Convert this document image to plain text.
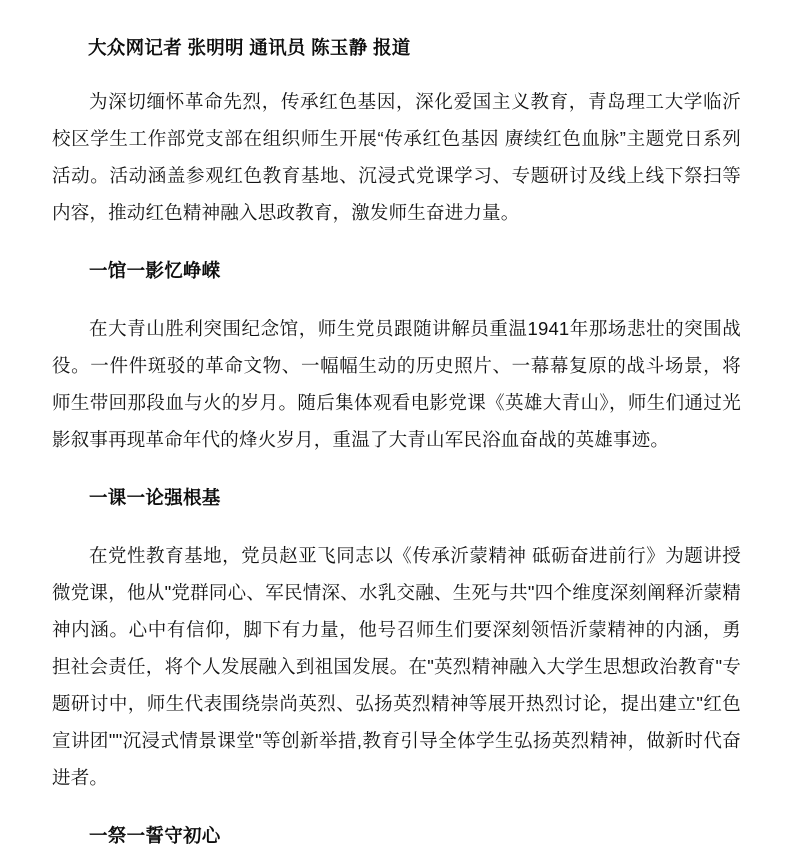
大众网记者 张明明 通讯员 陈玉静 报道

为深切缅怀革命先烈，传承红色基因，深化爱国主义教育，青岛理工大学临沂校区学生工作部党支部在组织师生开展“传承红色基因 赓续红色血脉”主题党日系列活动。活动涵盖参观红色教育基地、沉浸式党课学习、专题研讨及线上线下祭扫等内容，推动红色精神融入思政教育，激发师生奋进力量。

一馆一影忆峥嵘

在大青山胜利突围纪念馆，师生党员跟随讲解员重温1941年那场悲壮的突围战役。一件件斑驳的革命文物、一幅幅生动的历史照片、一幕幕复原的战斗场景，将师生带回那段血与火的岁月。随后集体观看电影党课《英雄大青山》，师生们通过光影叙事再现革命年代的烽火岁月，重温了大青山军民浴血奋战的英雄事迹。

一课一论强根基

在党性教育基地，党员赵亚飞同志以《传承沂蒙精神 砥砺奋进前行》为题讲授微党课，他从"党群同心、军民情深、水乳交融、生死与共"四个维度深刻阐释沂蒙精神内涵。心中有信仰，脚下有力量，他号召师生们要深刻领悟沂蒙精神的内涵，勇担社会责任，将个人发展融入到祖国发展。在"英烈精神融入大学生思想政治教育"专题研讨中，师生代表围绕崇尚英烈、弘扬英烈精神等展开热烈讨论，提出建立"红色宣讲团""沉浸式情景课堂"等创新举措,教育引导全体学生弘扬英烈精神，做新时代奋进者。

一祭一誓守初心
